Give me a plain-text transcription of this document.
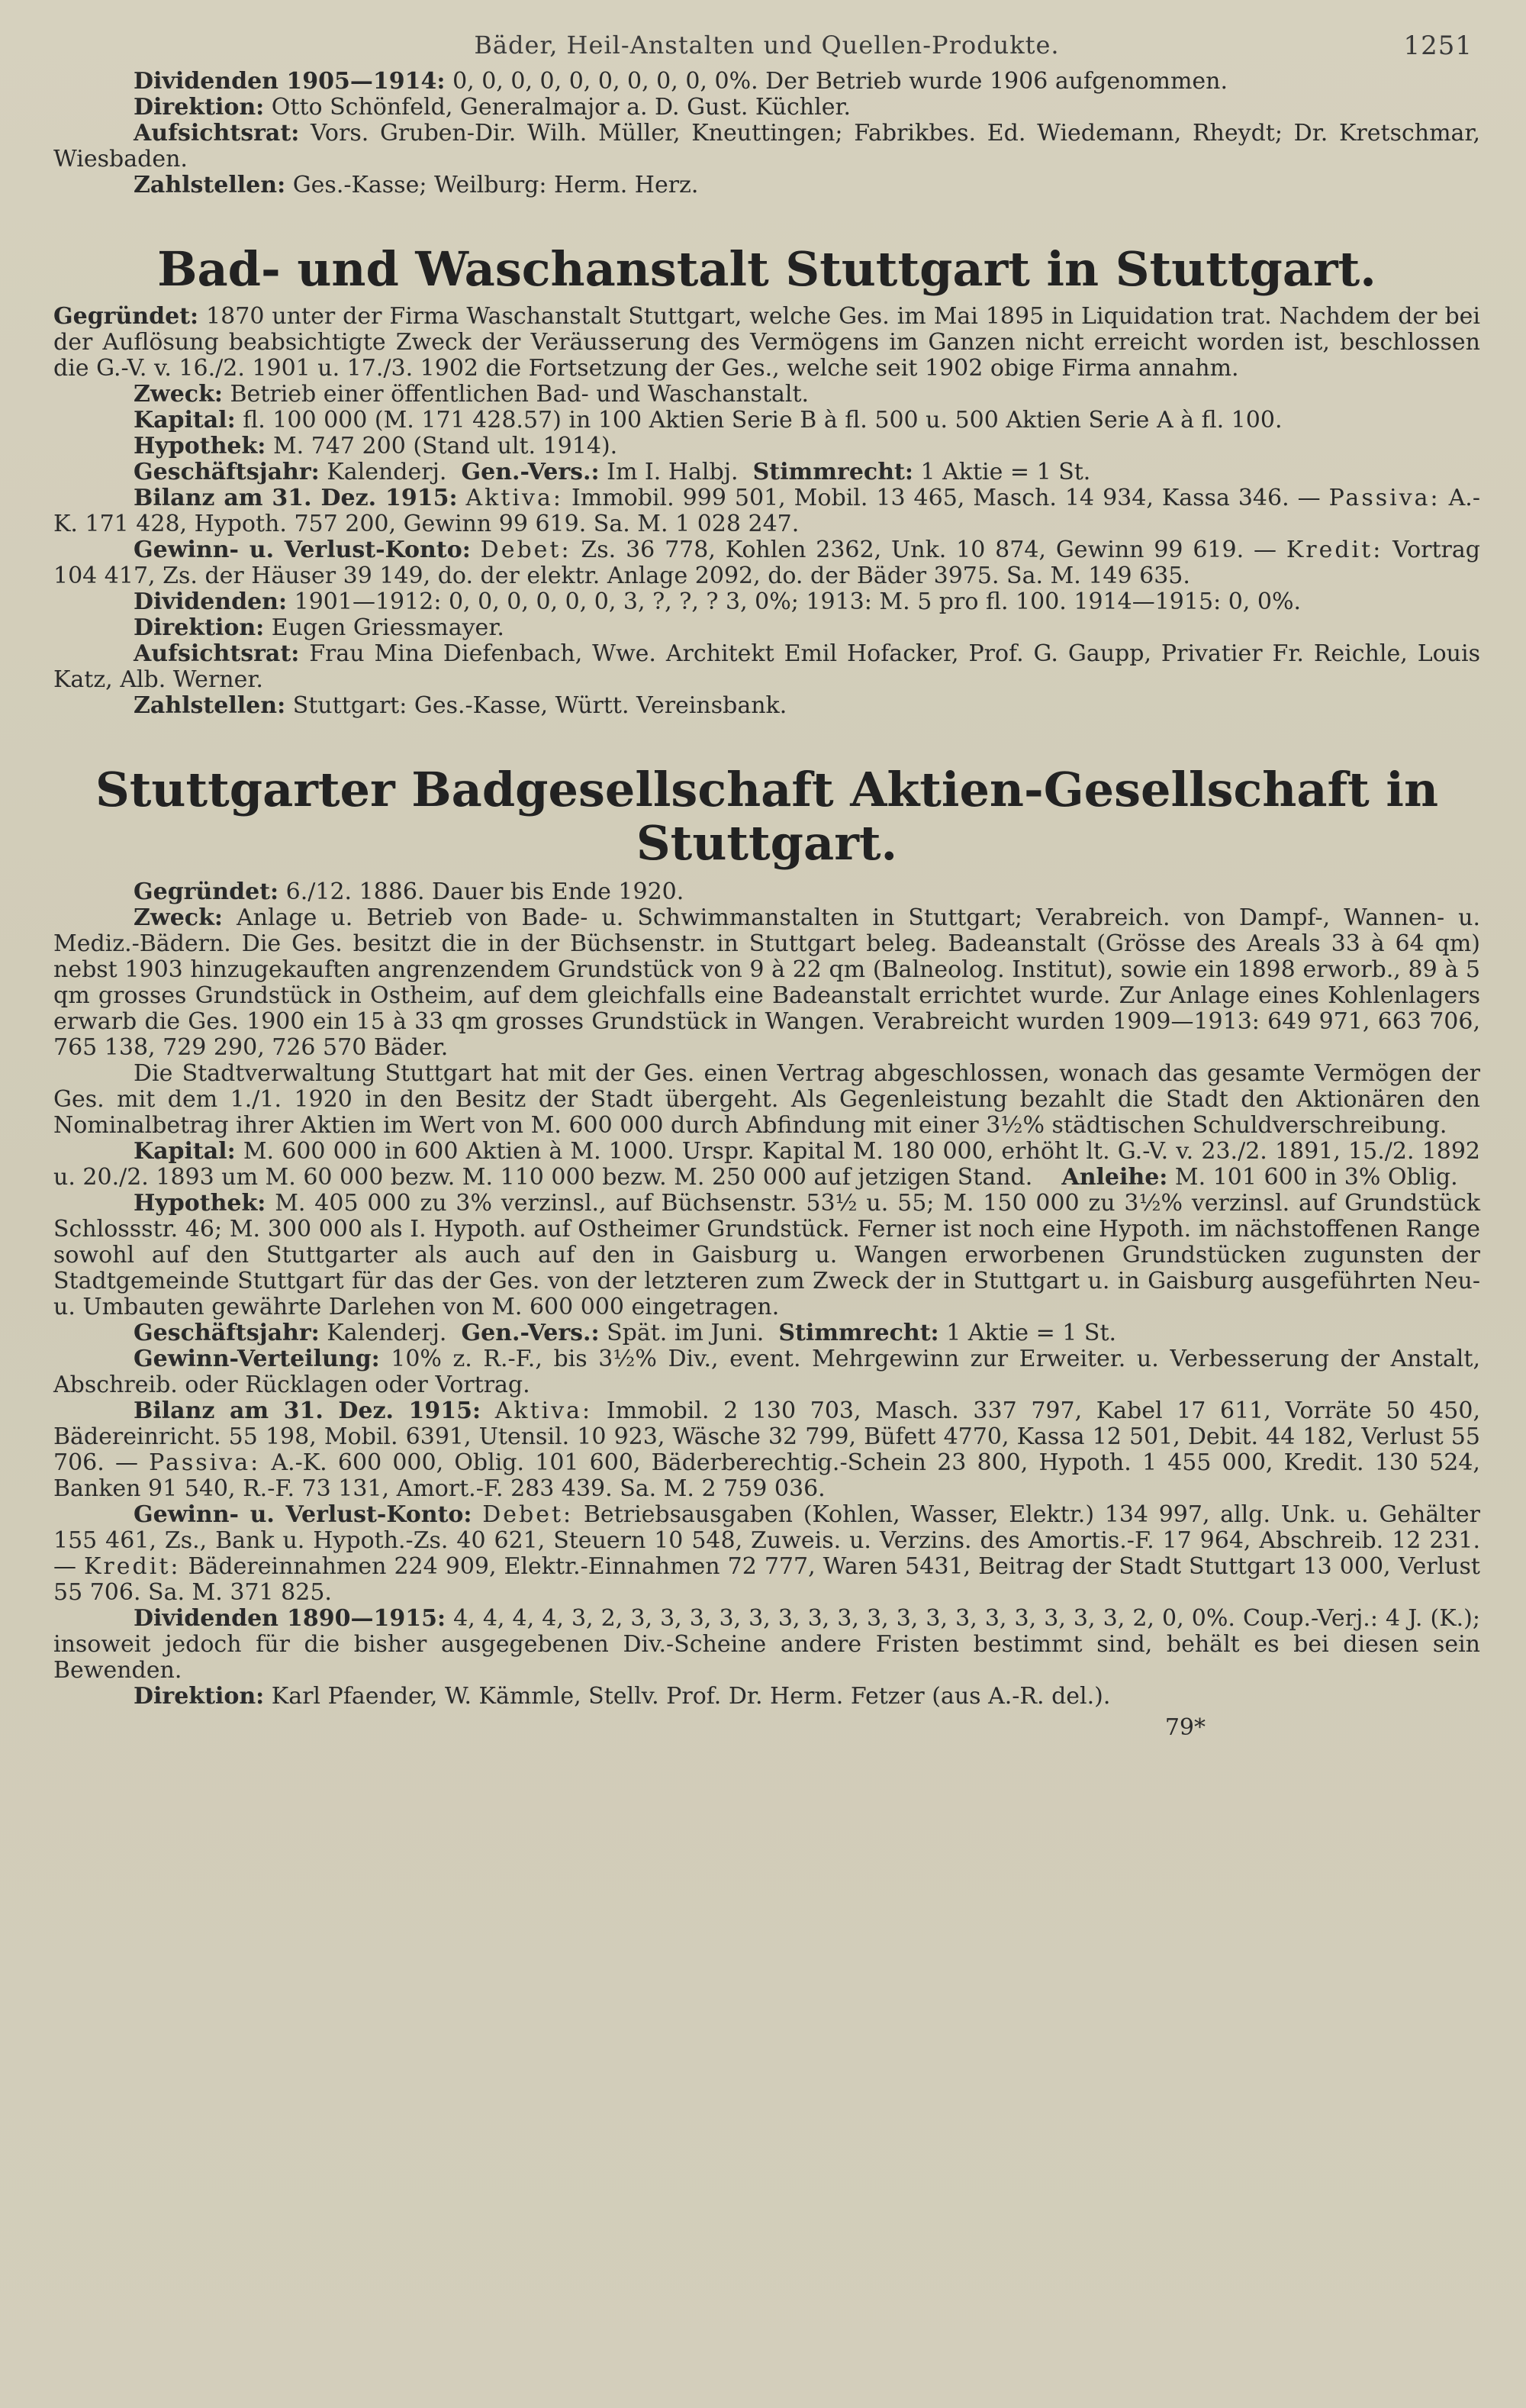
Bäder, Heil-Anstalten und Quellen-Produkte.	1251

Dividenden 1905—1914: 0, 0, 0, 0, 0, 0, 0, 0, 0, 0%. Der Betrieb wurde 1906 aufgenommen.

Direktion: Otto Schönfeld, Generalmajor a. D. Gust. Küchler.

Aufsichtsrat: Vors. Gruben-Dir. Wilh. Müller, Kneuttingen; Fabrikbes. Ed. Wiedemann, Rheydt; Dr. Kretschmar, Wiesbaden.

Zahlstellen: Ges.-Kasse; Weilburg: Herm. Herz.

Bad- und Waschanstalt Stuttgart in Stuttgart.

Gegründet: 1870 unter der Firma Waschanstalt Stuttgart, welche Ges. im Mai 1895 in Liquidation trat. Nachdem der bei der Auflösung beabsichtigte Zweck der Veräusserung des Vermögens im Ganzen nicht erreicht worden ist, beschlossen die G.-V. v. 16./2. 1901 u. 17./3. 1902 die Fortsetzung der Ges., welche seit 1902 obige Firma annahm.

Zweck: Betrieb einer öffentlichen Bad- und Waschanstalt.

Kapital: fl. 100 000 (M. 171 428.57) in 100 Aktien Serie B à fl. 500 u. 500 Aktien Serie A à fl. 100.

Hypothek: M. 747 200 (Stand ult. 1914).

Geschäftsjahr: Kalenderj. Gen.-Vers.: Im I. Halbj. Stimmrecht: 1 Aktie = 1 St.

Bilanz am 31. Dez. 1915: Aktiva: Immobil. 999 501, Mobil. 13 465, Masch. 14 934, Kassa 346. — Passiva: A.-K. 171 428, Hypoth. 757 200, Gewinn 99 619. Sa. M. 1 028 247.

Gewinn- u. Verlust-Konto: Debet: Zs. 36 778, Kohlen 2362, Unk. 10 874, Gewinn 99 619. — Kredit: Vortrag 104 417, Zs. der Häuser 39 149, do. der elektr. Anlage 2092, do. der Bäder 3975. Sa. M. 149 635.

Dividenden: 1901—1912: 0, 0, 0, 0, 0, 0, 3, ?, ?, ? 3, 0%; 1913: M. 5 pro fl. 100. 1914—1915: 0, 0%.

Direktion: Eugen Griessmayer.

Aufsichtsrat: Frau Mina Diefenbach, Wwe. Architekt Emil Hofacker, Prof. G. Gaupp, Privatier Fr. Reichle, Louis Katz, Alb. Werner.

Zahlstellen: Stuttgart: Ges.-Kasse, Württ. Vereinsbank.

Stuttgarter Badgesellschaft Aktien-Gesellschaft in Stuttgart.

Gegründet: 6./12. 1886. Dauer bis Ende 1920.

Zweck: Anlage u. Betrieb von Bade- u. Schwimmanstalten in Stuttgart; Verabreich. von Dampf-, Wannen- u. Mediz.-Bädern. Die Ges. besitzt die in der Büchsenstr. in Stuttgart beleg. Badeanstalt (Grösse des Areals 33 à 64 qm) nebst 1903 hinzugekauften angrenzendem Grundstück von 9 à 22 qm (Balneolog. Institut), sowie ein 1898 erworb., 89 à 5 qm grosses Grundstück in Ostheim, auf dem gleichfalls eine Badeanstalt errichtet wurde. Zur Anlage eines Kohlenlagers erwarb die Ges. 1900 ein 15 à 33 qm grosses Grundstück in Wangen. Verabreicht wurden 1909—1913: 649 971, 663 706, 765 138, 729 290, 726 570 Bäder.

Die Stadtverwaltung Stuttgart hat mit der Ges. einen Vertrag abgeschlossen, wonach das gesamte Vermögen der Ges. mit dem 1./1. 1920 in den Besitz der Stadt übergeht. Als Gegenleistung bezahlt die Stadt den Aktionären den Nominalbetrag ihrer Aktien im Wert von M. 600 000 durch Abfindung mit einer 3½% städtischen Schuldverschreibung.

Kapital: M. 600 000 in 600 Aktien à M. 1000. Urspr. Kapital M. 180 000, erhöht lt. G.-V. v. 23./2. 1891, 15./2. 1892 u. 20./2. 1893 um M. 60 000 bezw. M. 110 000 bezw. M. 250 000 auf jetzigen Stand. Anleihe: M. 101 600 in 3% Oblig.

Hypothek: M. 405 000 zu 3% verzinsl., auf Büchsenstr. 53½ u. 55; M. 150 000 zu 3½% verzinsl. auf Grundstück Schlossstr. 46; M. 300 000 als I. Hypoth. auf Ostheimer Grundstück. Ferner ist noch eine Hypoth. im nächstoffenen Range sowohl auf den Stuttgarter als auch auf den in Gaisburg u. Wangen erworbenen Grundstücken zugunsten der Stadtgemeinde Stuttgart für das der Ges. von der letzteren zum Zweck der in Stuttgart u. in Gaisburg ausgeführten Neu- u. Umbauten gewährte Darlehen von M. 600 000 eingetragen.

Geschäftsjahr: Kalenderj. Gen.-Vers.: Spät. im Juni. Stimmrecht: 1 Aktie = 1 St.

Gewinn-Verteilung: 10% z. R.-F., bis 3½% Div., event. Mehrgewinn zur Erweiter. u. Verbesserung der Anstalt, Abschreib. oder Rücklagen oder Vortrag.

Bilanz am 31. Dez. 1915: Aktiva: Immobil. 2 130 703, Masch. 337 797, Kabel 17 611, Vorräte 50 450, Bädereinricht. 55 198, Mobil. 6391, Utensil. 10 923, Wäsche 32 799, Büfett 4770, Kassa 12 501, Debit. 44 182, Verlust 55 706. — Passiva: A.-K. 600 000, Oblig. 101 600, Bäderberechtig.-Schein 23 800, Hypoth. 1 455 000, Kredit. 130 524, Banken 91 540, R.-F. 73 131, Amort.-F. 283 439. Sa. M. 2 759 036.

Gewinn- u. Verlust-Konto: Debet: Betriebsausgaben (Kohlen, Wasser, Elektr.) 134 997, allg. Unk. u. Gehälter 155 461, Zs., Bank u. Hypoth.-Zs. 40 621, Steuern 10 548, Zuweis. u. Verzins. des Amortis.-F. 17 964, Abschreib. 12 231. — Kredit: Bädereinnahmen 224 909, Elektr.-Einnahmen 72 777, Waren 5431, Beitrag der Stadt Stuttgart 13 000, Verlust 55 706. Sa. M. 371 825.

Dividenden 1890—1915: 4, 4, 4, 4, 3, 2, 3, 3, 3, 3, 3, 3, 3, 3, 3, 3, 3, 3, 3, 3, 3, 3, 3, 2, 0, 0%. Coup.-Verj.: 4 J. (K.); insoweit jedoch für die bisher ausgegebenen Div.-Scheine andere Fristen bestimmt sind, behält es bei diesen sein Bewenden.

Direktion: Karl Pfaender, W. Kämmle, Stellv. Prof. Dr. Herm. Fetzer (aus A.-R. del.).

79*
